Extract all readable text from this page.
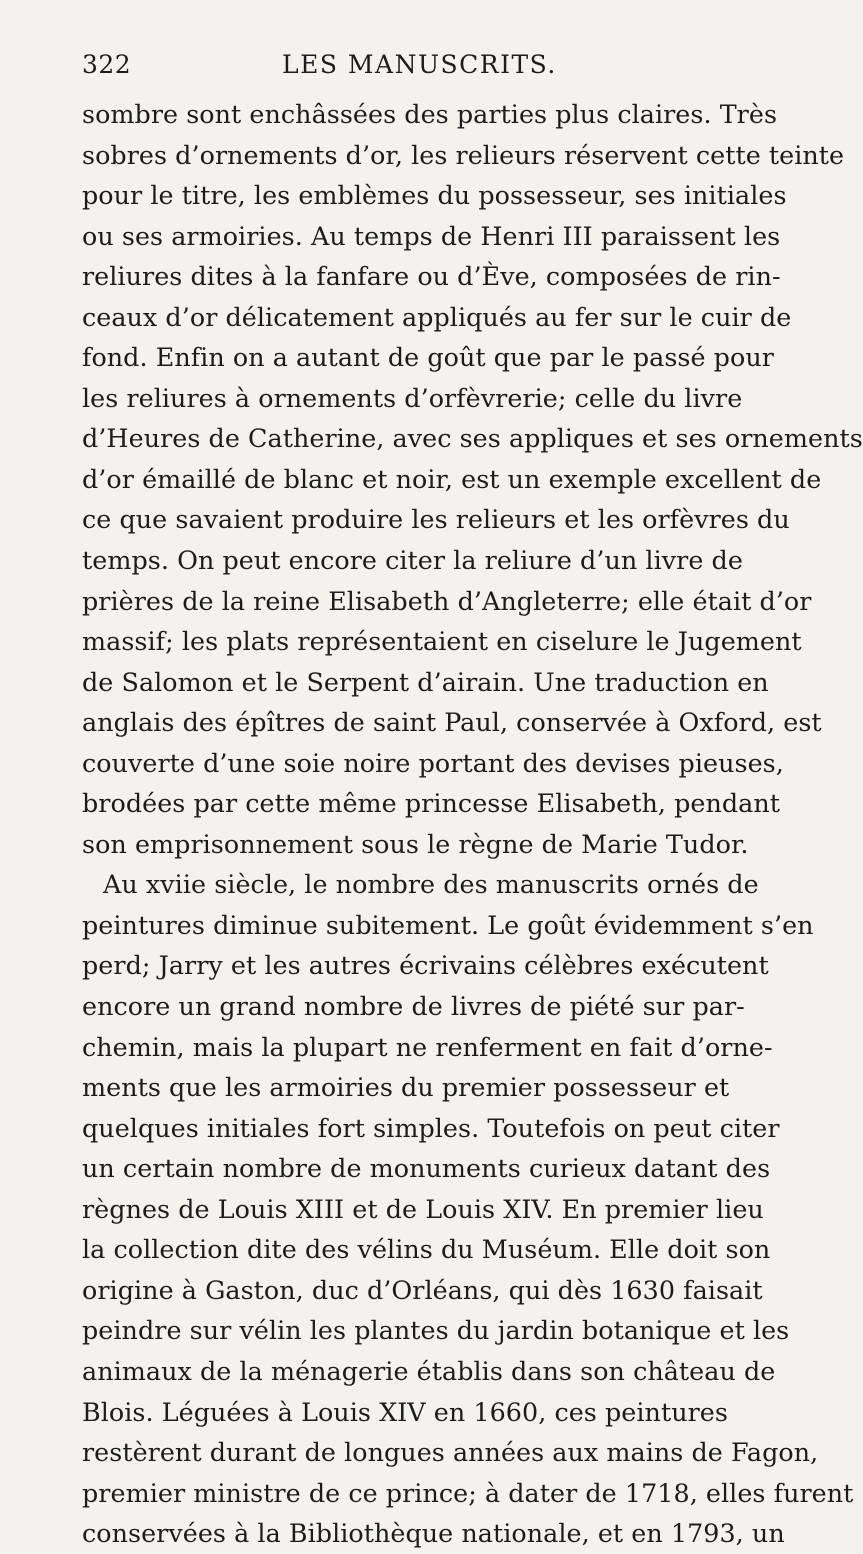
322	LES MANUSCRITS.
sombre sont enchâssées des parties plus claires. Très
sobres d’ornements d’or, les relieurs réservent cette teinte
pour le titre, les emblèmes du possesseur, ses initiales
ou ses armoiries. Au temps de Henri III paraissent les
reliures dites à la fanfare ou d’Ève, composées de rin-
ceaux d’or délicatement appliqués au fer sur le cuir de
fond. Enfin on a autant de goût que par le passé pour
les reliures à ornements d’orfèvrerie; celle du livre
d’Heures de Catherine, avec ses appliques et ses ornements
d’or émaillé de blanc et noir, est un exemple excellent de
ce que savaient produire les relieurs et les orfèvres du
temps. On peut encore citer la reliure d’un livre de
prières de la reine Elisabeth d’Angleterre; elle était d’or
massif; les plats représentaient en ciselure le Jugement
de Salomon et le Serpent d’airain. Une traduction en
anglais des épîtres de saint Paul, conservée à Oxford, est
couverte d’une soie noire portant des devises pieuses,
brodées par cette même princesse Elisabeth, pendant
son emprisonnement sous le règne de Marie Tudor.
Au xviie siècle, le nombre des manuscrits ornés de
peintures diminue subitement. Le goût évidemment s’en
perd; Jarry et les autres écrivains célèbres exécutent
encore un grand nombre de livres de piété sur par-
chemin, mais la plupart ne renferment en fait d’orne-
ments que les armoiries du premier possesseur et
quelques initiales fort simples. Toutefois on peut citer
un certain nombre de monuments curieux datant des
règnes de Louis XIII et de Louis XIV. En premier lieu
la collection dite des vélins du Muséum. Elle doit son
origine à Gaston, duc d’Orléans, qui dès 1630 faisait
peindre sur vélin les plantes du jardin botanique et les
animaux de la ménagerie établis dans son château de
Blois. Léguées à Louis XIV en 1660, ces peintures
restèrent durant de longues années aux mains de Fagon,
premier ministre de ce prince; à dater de 1718, elles furent
conservées à la Bibliothèque nationale, et en 1793, un
